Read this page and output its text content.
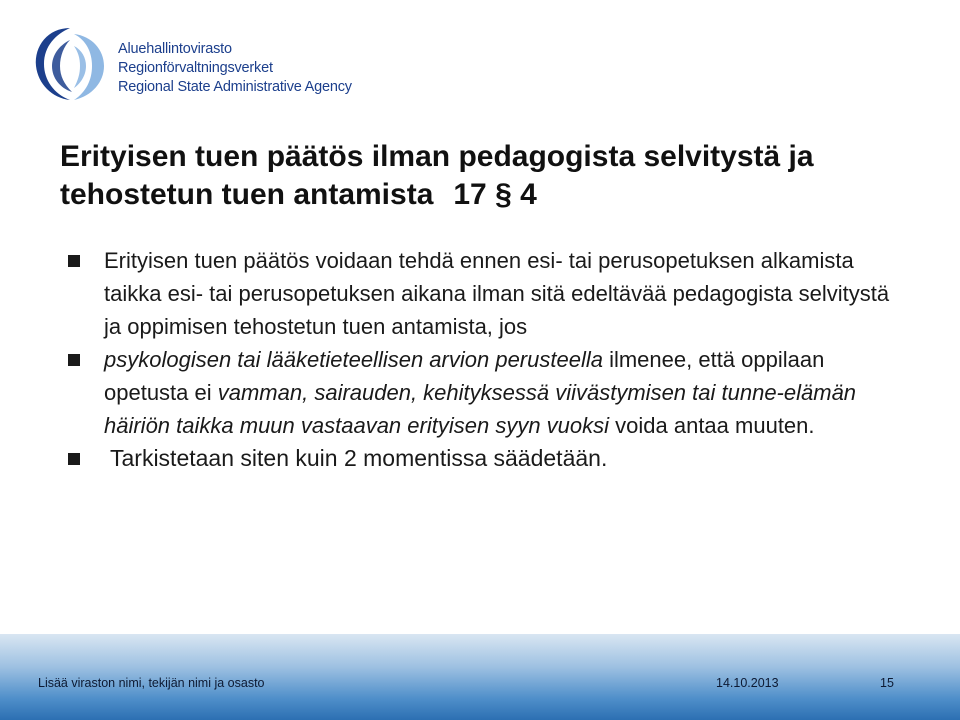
Aluehallintovirasto
Regionförvaltningsverket
Regional State Administrative Agency
Erityisen tuen päätös ilman pedagogista selvitystä ja
tehostetun tuen antamista 17 § 4
Erityisen tuen päätös voidaan tehdä ennen esi- tai perusopetuksen alkamista taikka esi- tai perusopetuksen aikana ilman sitä edeltävää pedagogista selvitystä ja oppimisen tehostetun tuen antamista, jos
psykologisen tai lääketieteellisen arvion perusteella ilmenee, että oppilaan opetusta ei vamman, sairauden, kehityksessä viivästymisen tai tunne-elämän häiriön taikka muun vastaavan erityisen syyn vuoksi voida antaa muuten.
Tarkistetaan siten kuin 2 momentissa säädetään.
Lisää viraston nimi, tekijän nimi ja osasto	14.10.2013	15
